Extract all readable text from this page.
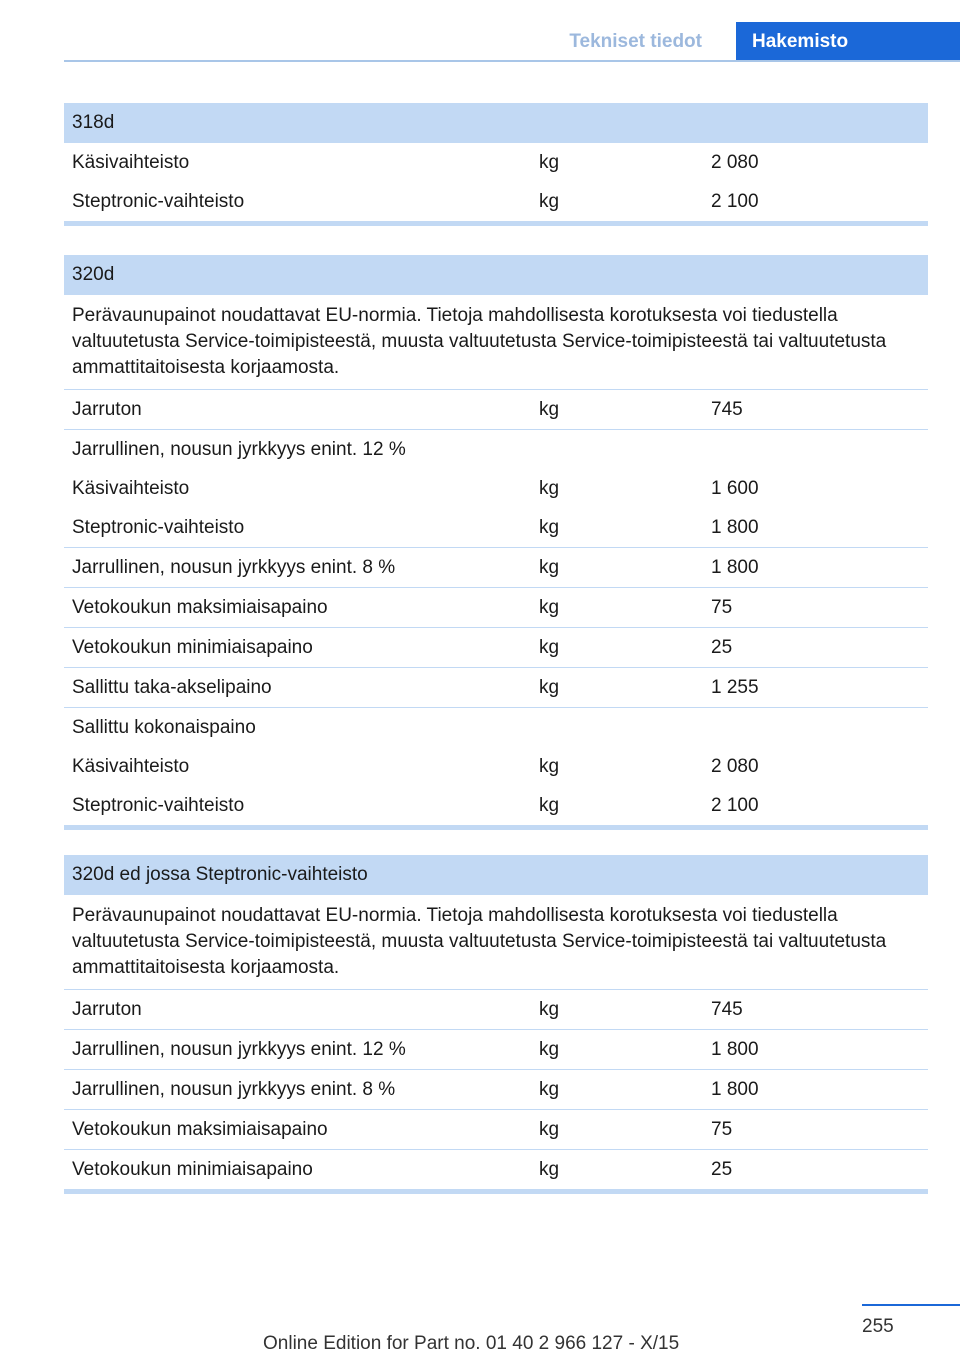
Tekniset tiedot	Hakemisto
318d
Käsivaihteisto	kg	2 080
Steptronic-vaihteisto	kg	2 100
320d
Perävaunupainot noudattavat EU-normia. Tietoja mahdollisesta korotuksesta voi tiedustella valtuutetusta Service-toimipisteestä, muusta valtuutetusta Service-toimipisteestä tai valtuutetusta ammattitaitoisesta korjaamosta.
Jarruton	kg	745
Jarrullinen, nousun jyrkkyys enint. 12 %
Käsivaihteisto	kg	1 600
Steptronic-vaihteisto	kg	1 800
Jarrullinen, nousun jyrkkyys enint. 8 %	kg	1 800
Vetokoukun maksimiaisapaino	kg	75
Vetokoukun minimiaisapaino	kg	25
Sallittu taka-akselipaino	kg	1 255
Sallittu kokonaispaino
Käsivaihteisto	kg	2 080
Steptronic-vaihteisto	kg	2 100
320d ed jossa Steptronic-vaihteisto
Perävaunupainot noudattavat EU-normia. Tietoja mahdollisesta korotuksesta voi tiedustella valtuutetusta Service-toimipisteestä, muusta valtuutetusta Service-toimipisteestä tai valtuutetusta ammattitaitoisesta korjaamosta.
Jarruton	kg	745
Jarrullinen, nousun jyrkkyys enint. 12 %	kg	1 800
Jarrullinen, nousun jyrkkyys enint. 8 %	kg	1 800
Vetokoukun maksimiaisapaino	kg	75
Vetokoukun minimiaisapaino	kg	25
255
Online Edition for Part no. 01 40 2 966 127 - X/15
